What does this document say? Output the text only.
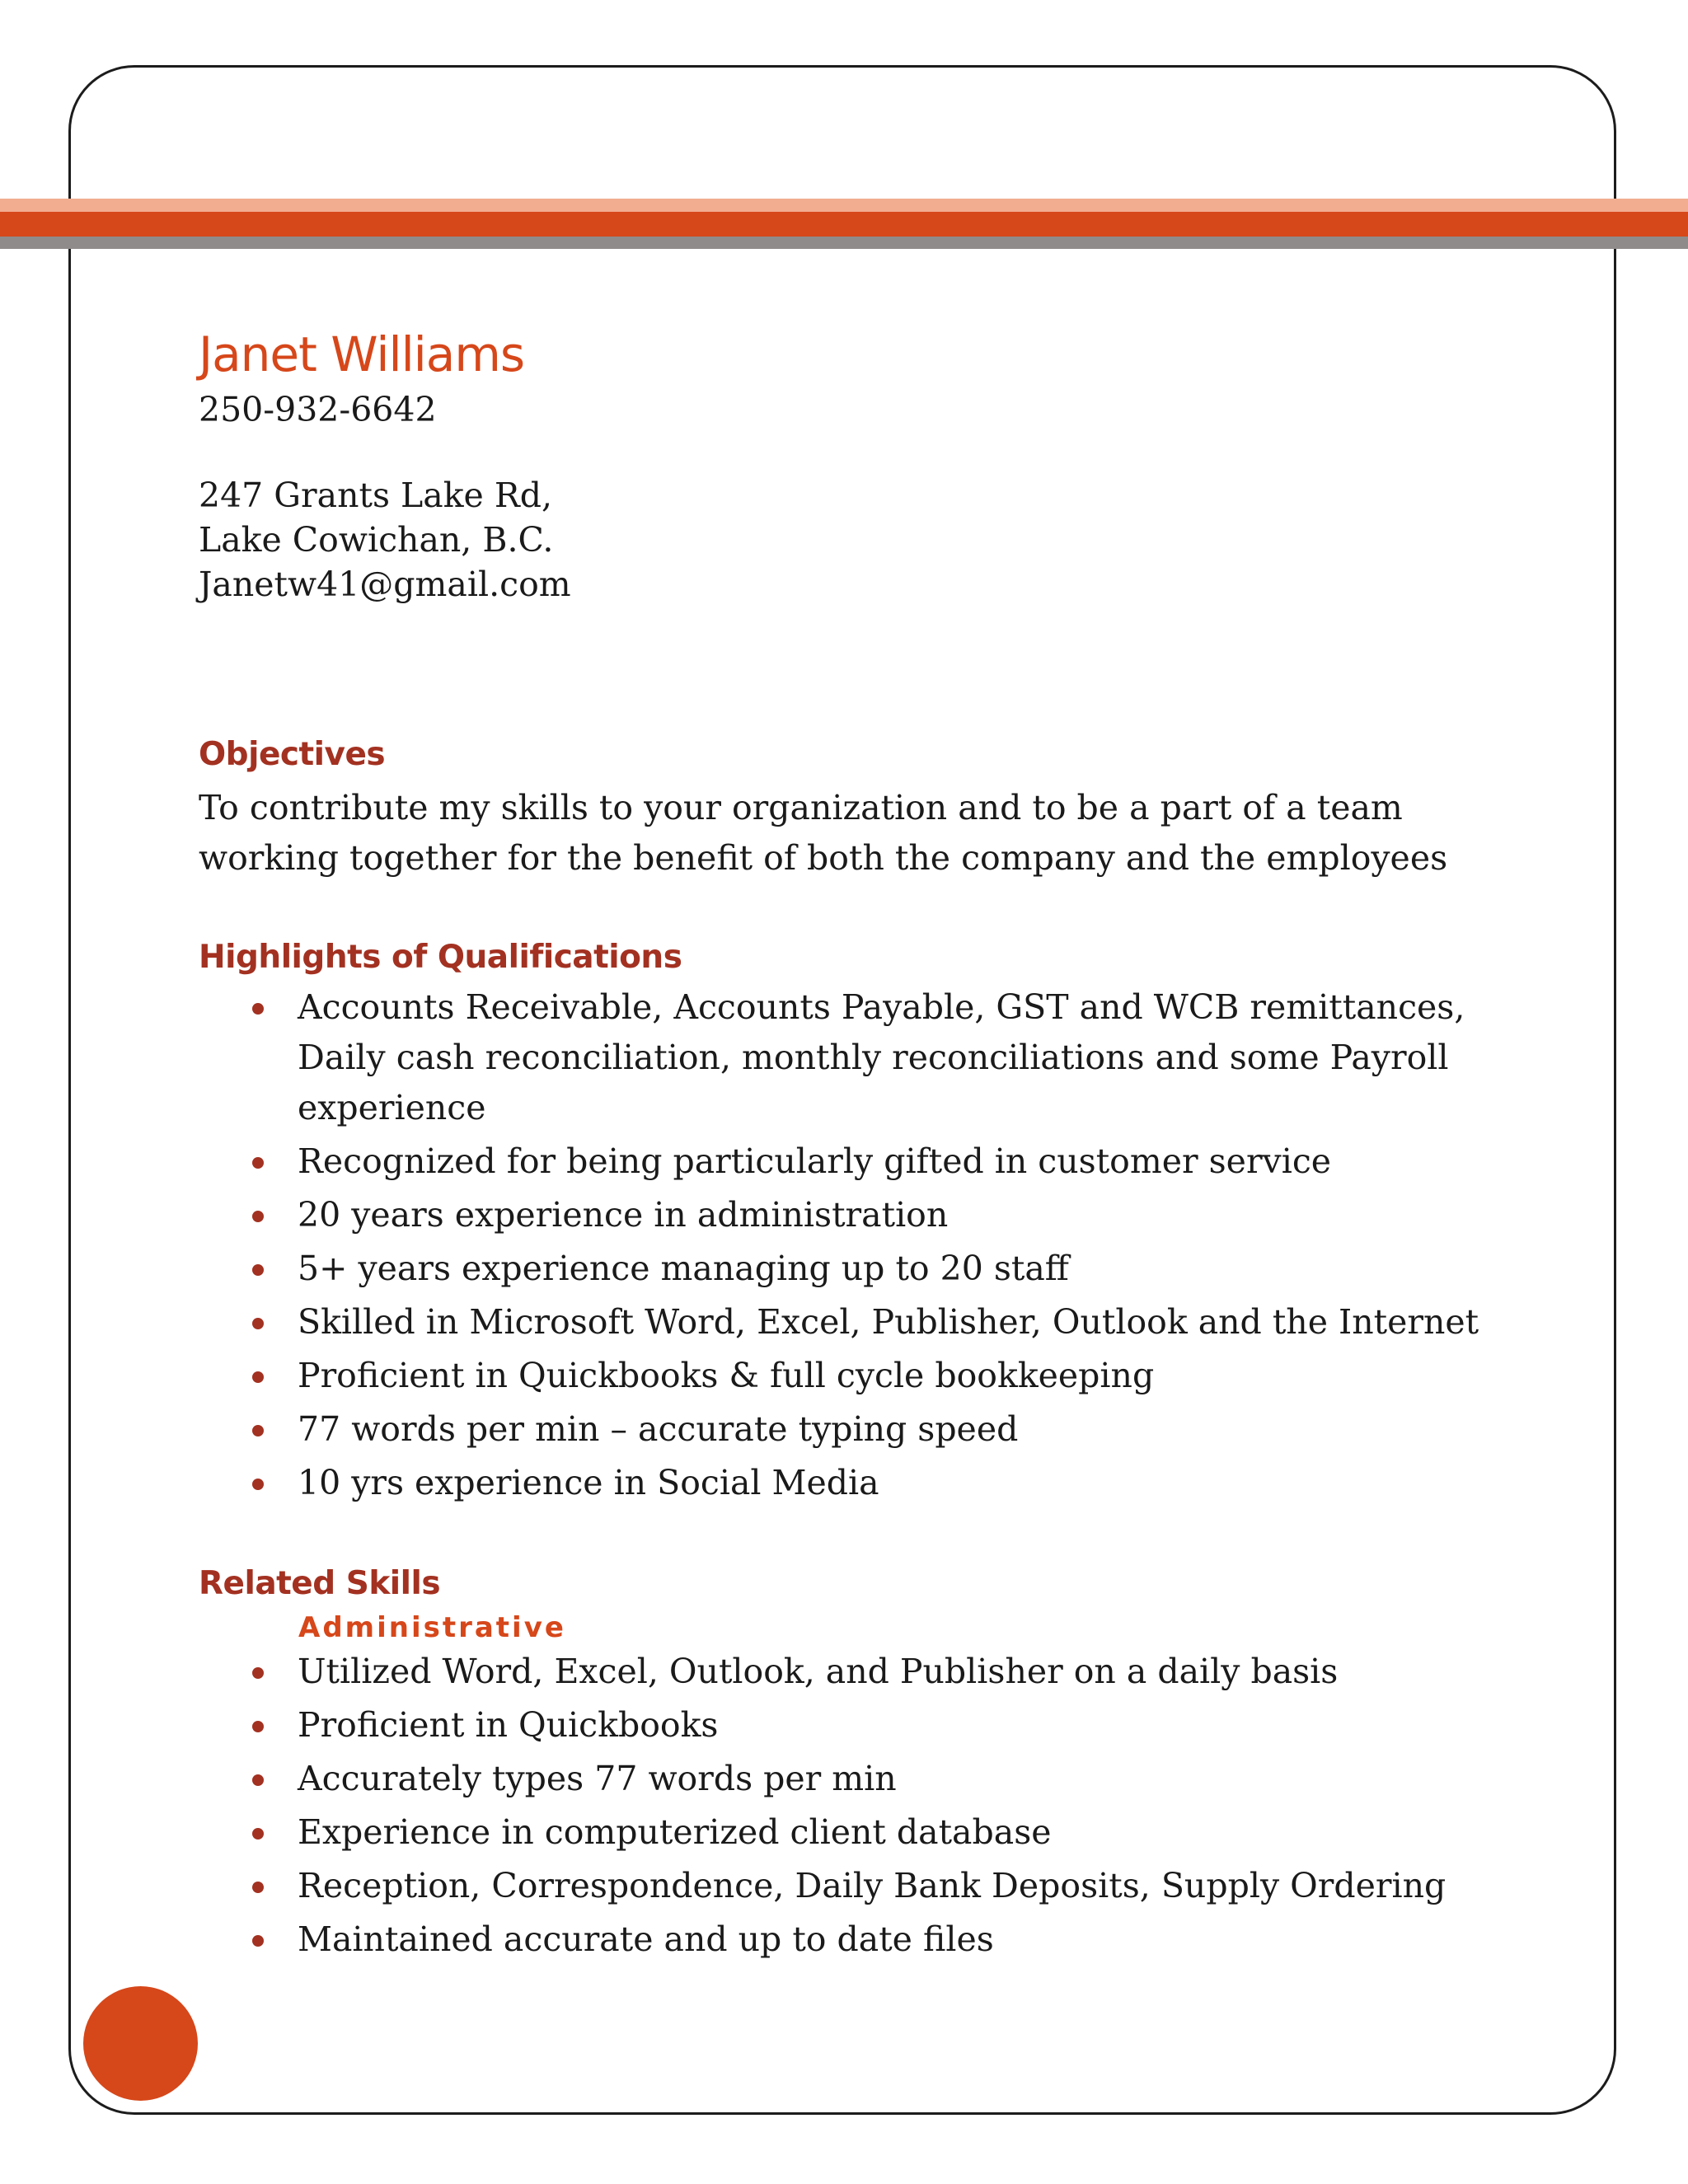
Janet Williams

250-932-6642

247 Grants Lake Rd,

Lake Cowichan, B.C.

Janetw41@gmail.com

Objectives

To contribute my skills to your organization and to be a part of a team working together for the benefit of both the company and the employees

Highlights of Qualifications
Accounts Receivable, Accounts Payable, GST and WCB remittances, Daily cash reconciliation, monthly reconciliations and some Payroll experience
Recognized for being particularly gifted in customer service
20 years experience in administration
5+ years experience managing up to 20 staff
Skilled in Microsoft Word, Excel, Publisher, Outlook and the Internet
Proficient in Quickbooks & full cycle bookkeeping
77 words per min – accurate typing speed
10 yrs experience in Social Media
Related Skills

Administrative

Utilized Word, Excel, Outlook, and Publisher on a daily basis
Proficient in Quickbooks
Accurately types 77 words per min
Experience in computerized client database
Reception, Correspondence, Daily Bank Deposits, Supply Ordering
Maintained accurate and up to date files
